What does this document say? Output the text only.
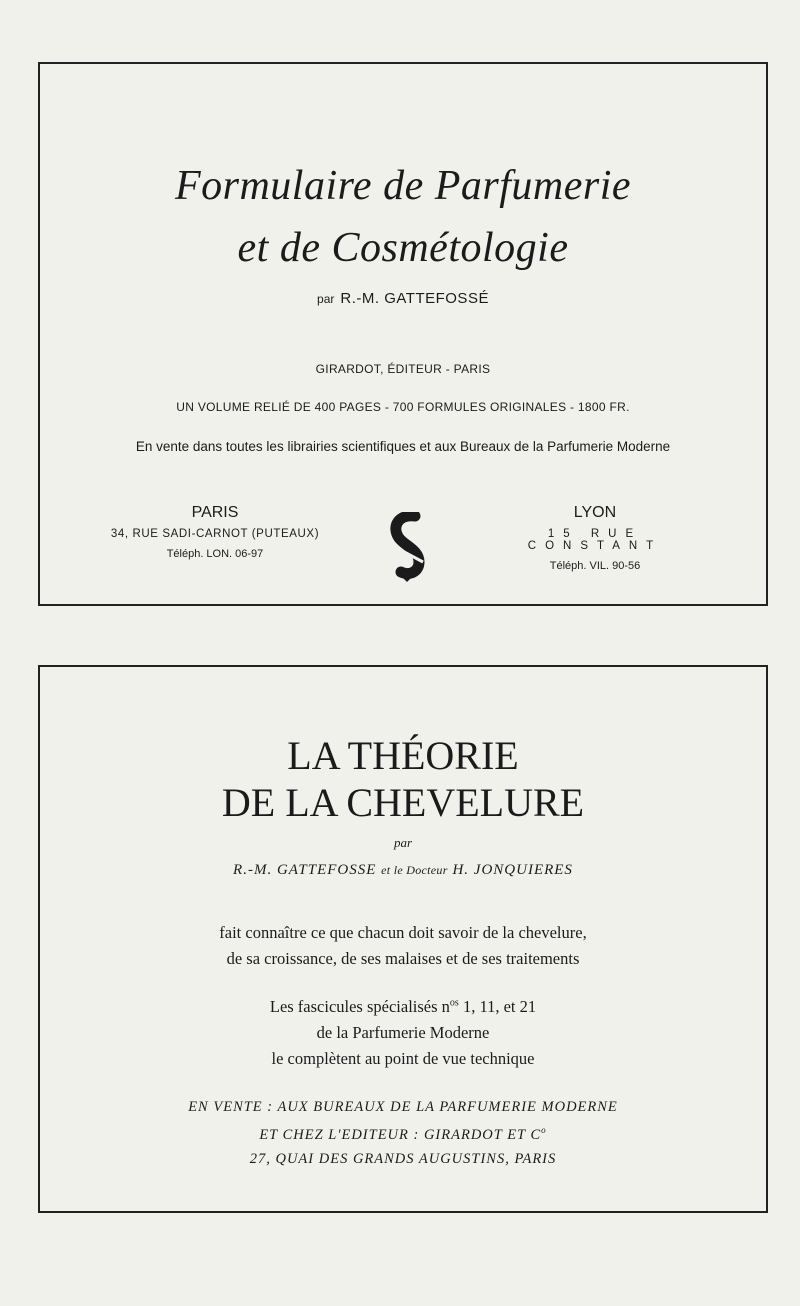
Formulaire de Parfumerie
et de Cosmétologie
par R.-M. GATTEFOSSÉ
GIRARDOT, ÉDITEUR - PARIS
UN VOLUME RELIÉ DE 400 PAGES - 700 FORMULES ORIGINALES - 1800 FR.
En vente dans toutes les librairies scientifiques et aux Bureaux de la Parfumerie Moderne
PARIS
34, RUE SADI-CARNOT (PUTEAUX)
Téléph. LON. 06-97
LYON
15 RUE CONSTANT
Téléph. VIL. 90-56
LA THÉORIE
DE LA CHEVELURE
par
R.-M. GATTEFOSSE et le Docteur H. JONQUIERES
fait connaître ce que chacun doit savoir de la chevelure,
de sa croissance, de ses malaises et de ses traitements
Les fascicules spécialisés $n^{os}$ 1, 11, et 21
de la Parfumerie Moderne
le complètent au point de vue technique
EN VENTE : AUX BUREAUX DE LA PARFUMERIE MODERNE
ET CHEZ L'EDITEUR : GIRARDOT ET $C^o$
27, QUAI DES GRANDS AUGUSTINS, PARIS
